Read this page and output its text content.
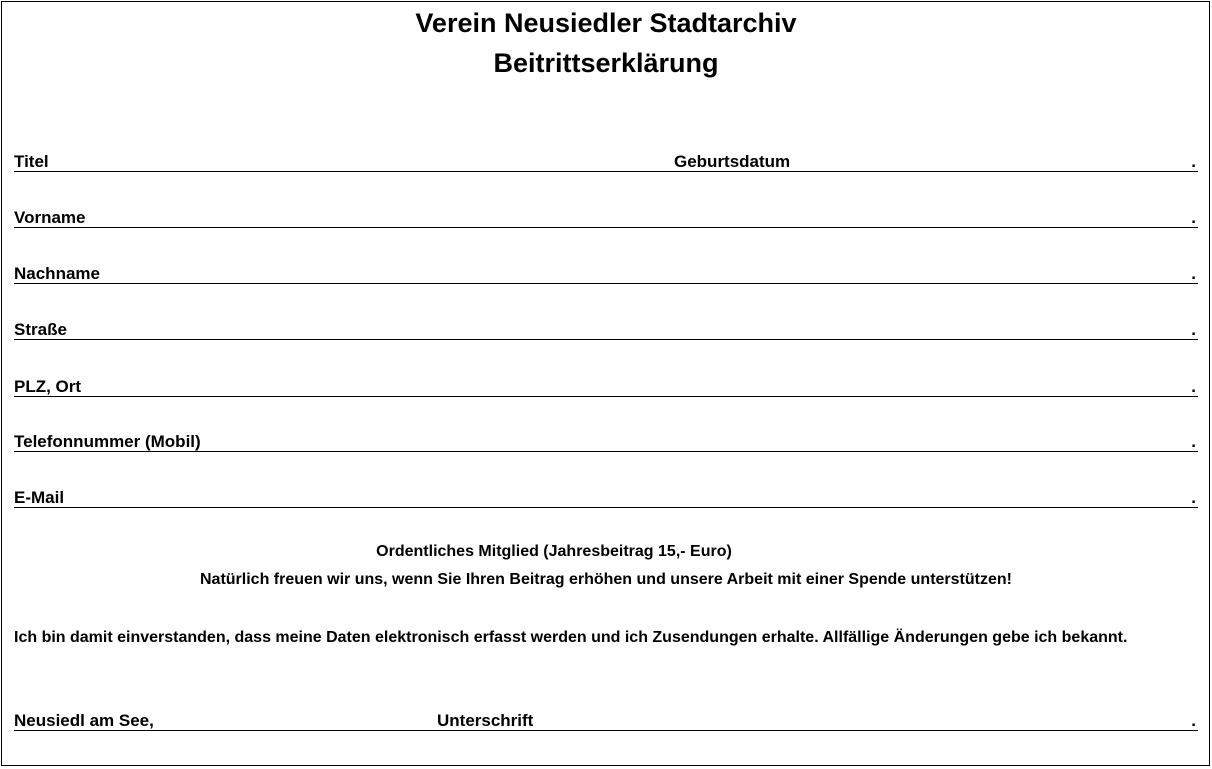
Verein Neusiedler Stadtarchiv
Beitrittserklärung
Titel	Geburtsdatum	.
Vorname	.
Nachname	.
Straße	.
PLZ, Ort	.
Telefonnummer (Mobil)	.
E-Mail	.
Ordentliches Mitglied (Jahresbeitrag 15,- Euro)
Natürlich freuen wir uns, wenn Sie Ihren Beitrag erhöhen und unsere Arbeit mit einer Spende unterstützen!
Ich bin damit einverstanden, dass meine Daten elektronisch erfasst werden und ich Zusendungen erhalte. Allfällige Änderungen gebe ich bekannt.
Neusiedl am See,	Unterschrift	.
